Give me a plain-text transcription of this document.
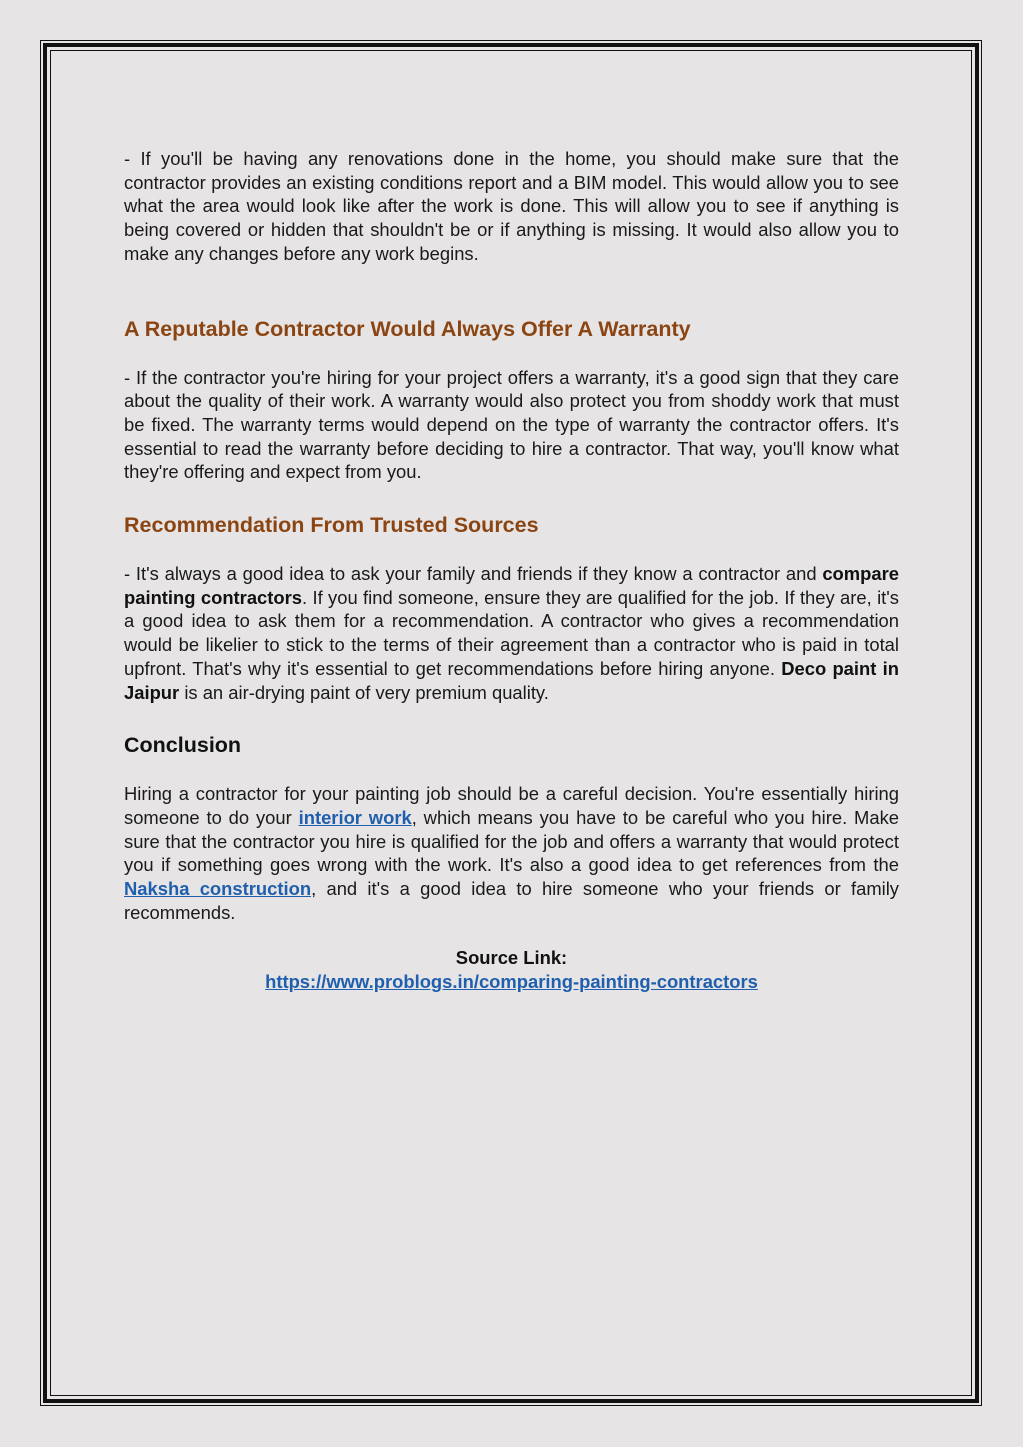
- If you'll be having any renovations done in the home, you should make sure that the contractor provides an existing conditions report and a BIM model. This would allow you to see what the area would look like after the work is done. This will allow you to see if anything is being covered or hidden that shouldn't be or if anything is missing. It would also allow you to make any changes before any work begins.

A Reputable Contractor Would Always Offer A Warranty

- If the contractor you're hiring for your project offers a warranty, it's a good sign that they care about the quality of their work. A warranty would also protect you from shoddy work that must be fixed. The warranty terms would depend on the type of warranty the contractor offers. It's essential to read the warranty before deciding to hire a contractor. That way, you'll know what they're offering and expect from you.

Recommendation From Trusted Sources

- It's always a good idea to ask your family and friends if they know a contractor and compare painting contractors. If you find someone, ensure they are qualified for the job. If they are, it's a good idea to ask them for a recommendation. A contractor who gives a recommendation would be likelier to stick to the terms of their agreement than a contractor who is paid in total upfront. That's why it's essential to get recommendations before hiring anyone. Deco paint in Jaipur is an air-drying paint of very premium quality.

Conclusion

Hiring a contractor for your painting job should be a careful decision. You're essentially hiring someone to do your interior work, which means you have to be careful who you hire. Make sure that the contractor you hire is qualified for the job and offers a warranty that would protect you if something goes wrong with the work. It's also a good idea to get references from the Naksha construction, and it's a good idea to hire someone who your friends or family recommends.

Source Link:
https://www.problogs.in/comparing-painting-contractors
